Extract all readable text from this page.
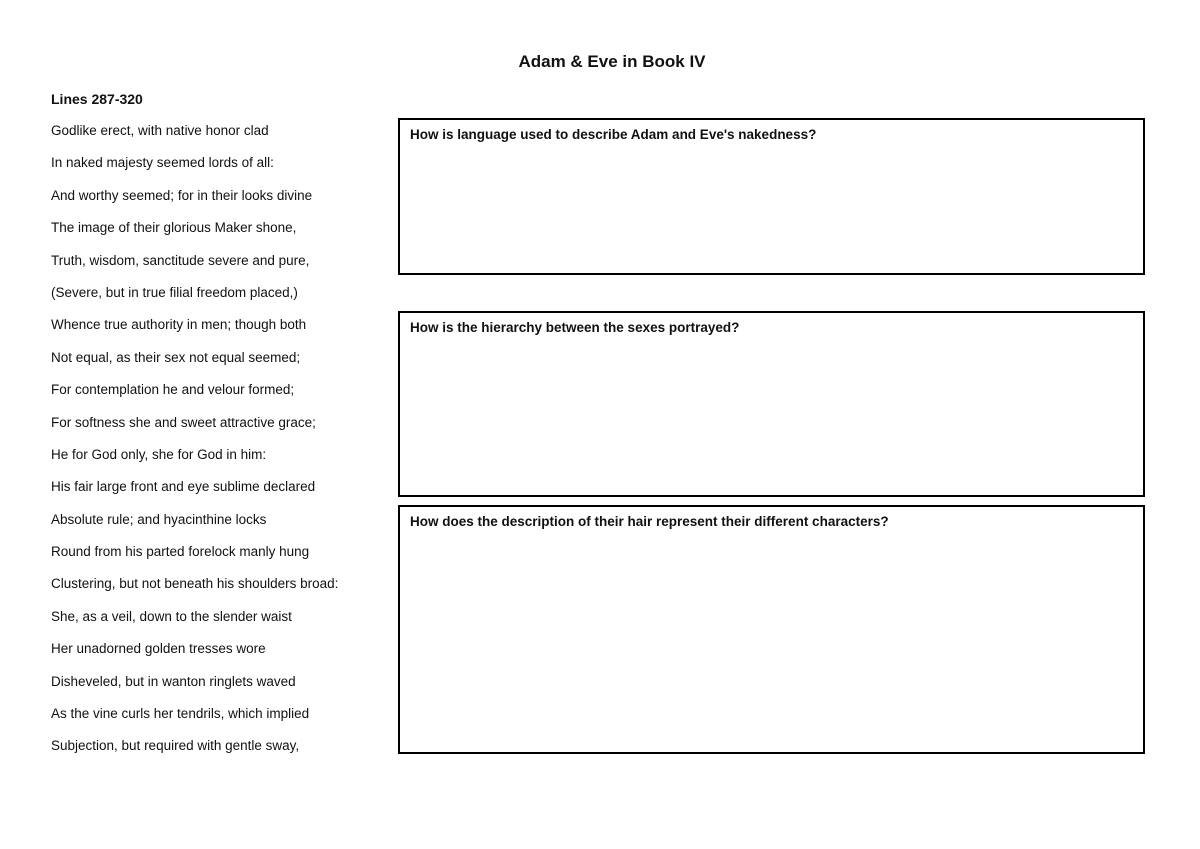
Adam & Eve in Book IV
Lines 287-320
Godlike erect, with native honor clad
In naked majesty seemed lords of all:
And worthy seemed; for in their looks divine
The image of their glorious Maker shone,
Truth, wisdom, sanctitude severe and pure,
(Severe, but in true filial freedom placed,)
Whence true authority in men; though both
Not equal, as their sex not equal seemed;
For contemplation he and velour formed;
For softness she and sweet attractive grace;
He for God only, she for God in him:
His fair large front and eye sublime declared
Absolute rule; and hyacinthine locks
Round from his parted forelock manly hung
Clustering, but not beneath his shoulders broad:
She, as a veil, down to the slender waist
Her unadorned golden tresses wore
Disheveled, but in wanton ringlets waved
As the vine curls her tendrils, which implied
Subjection, but required with gentle sway,
How is language used to describe Adam and Eve's nakedness?
How is the hierarchy between the sexes portrayed?
How does the description of their hair represent their different characters?
